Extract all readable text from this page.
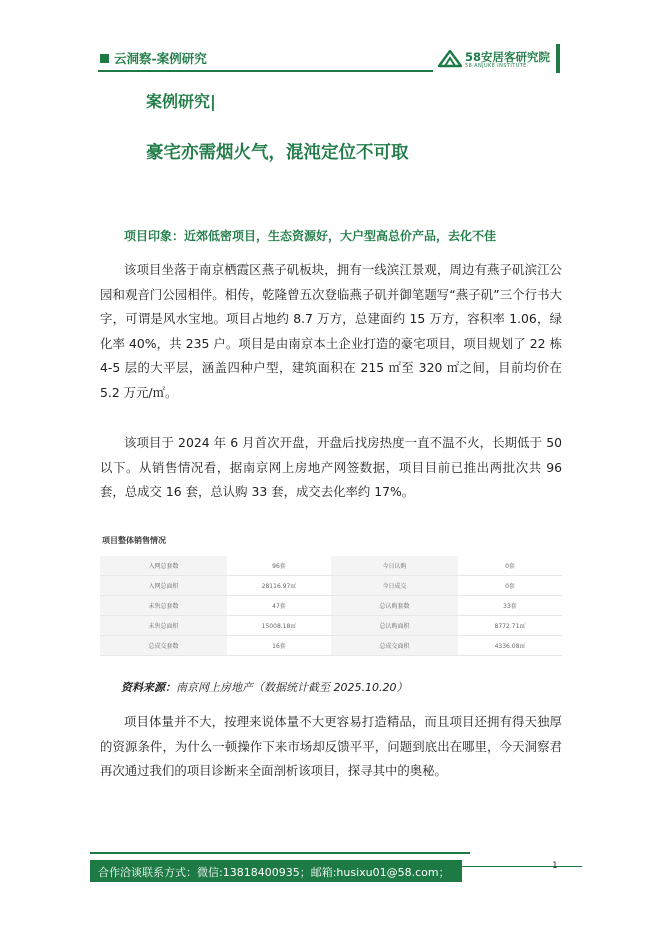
云洞察-案例研究	58安居客研究院
58·ANJUKE INSTITUTE
案例研究|
豪宅亦需烟火气，混沌定位不可取
项目印象：近郊低密项目，生态资源好，大户型高总价产品，去化不佳

该项目坐落于南京栖霞区燕子矶板块，拥有一线滨江景观，周边有燕子矶滨江公园和观音门公园相伴。相传，乾隆曾五次登临燕子矶并御笔题写“燕子矶”三个行书大字，可谓是风水宝地。项目占地约 8.7 万方，总建面约 15 万方，容积率 1.06，绿化率 40%，共 235 户。项目是由南京本土企业打造的豪宅项目，项目规划了 22 栋 4-5 层的大平层，涵盖四种户型，建筑面积在 215 ㎡至 320 ㎡之间，目前均价在 5.2 万元/㎡。

该项目于 2024 年 6 月首次开盘，开盘后找房热度一直不温不火，长期低于 50 以下。从销售情况看，据南京网上房地产网签数据，项目目前已推出两批次共 96 套，总成交 16 套，总认购 33 套，成交去化率约 17%。

项目整体销售情况
入网总套数	96套	今日认购	0套
入网总面积	28116.97㎡	今日成交	0套
未售总套数	47套	总认购套数	33套
未售总面积	15008.18㎡	总认购面积	8772.71㎡
总成交套数	16套	总成交面积	4336.08㎡
资料来源：南京网上房地产（数据统计截至 2025.10.20）

项目体量并不大，按理来说体量不大更容易打造精品，而且项目还拥有得天独厚的资源条件，为什么一顿操作下来市场却反馈平平，问题到底出在哪里，今天洞察君再次通过我们的项目诊断来全面剖析该项目，探寻其中的奥秘。

合作洽谈联系方式：微信:13818400935；邮箱:husixu01@58.com；	1
